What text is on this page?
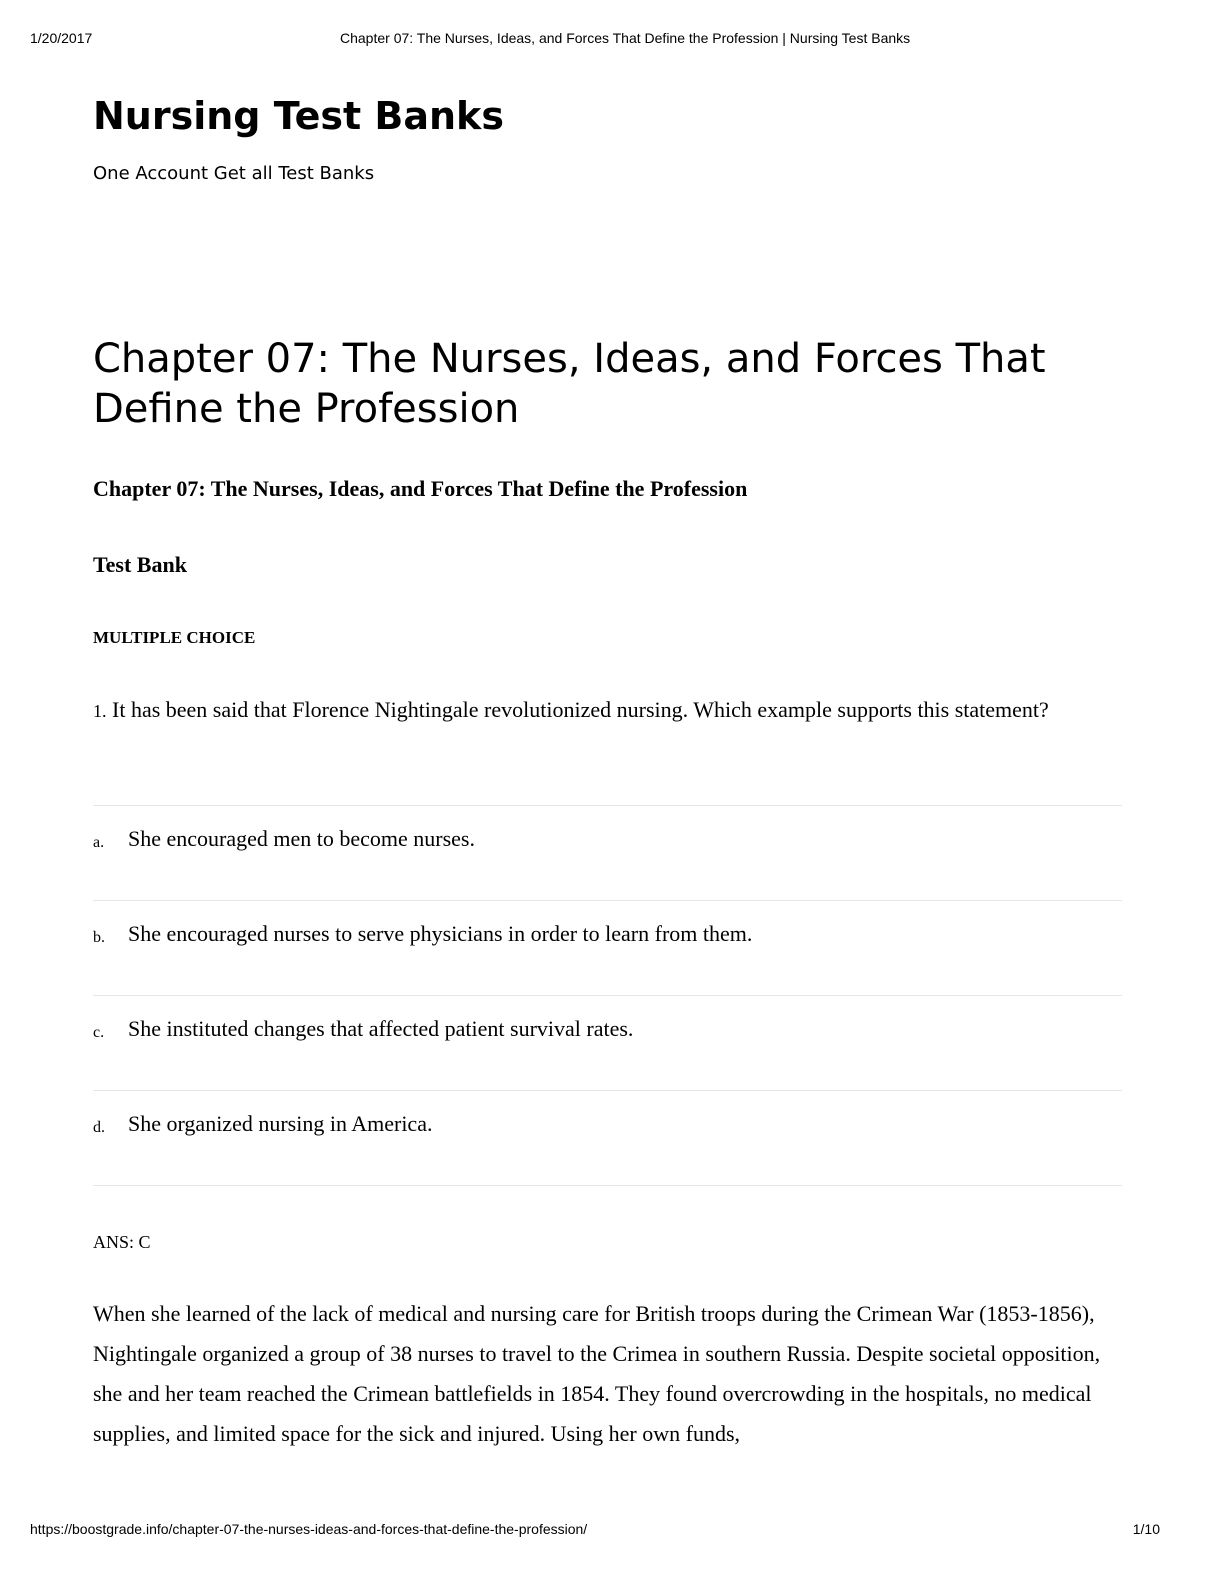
1/20/2017	Chapter 07: The Nurses, Ideas, and Forces That Define the Profession | Nursing Test Banks
Nursing Test Banks

One Account Get all Test Banks

Chapter 07: The Nurses, Ideas, and Forces That Define the Profession

Chapter 07: The Nurses, Ideas, and Forces That Define the Profession

Test Bank

MULTIPLE CHOICE

1. It has been said that Florence Nightingale revolutionized nursing. Which example supports this statement?

a. She encouraged men to become nurses.
b. She encouraged nurses to serve physicians in order to learn from them.
c. She instituted changes that affected patient survival rates.
d. She organized nursing in America.

ANS: C

When she learned of the lack of medical and nursing care for British troops during the Crimean War (1853-1856), Nightingale organized a group of 38 nurses to travel to the Crimea in southern Russia. Despite societal opposition, she and her team reached the Crimean battlefields in 1854. They found overcrowding in the hospitals, no medical supplies, and limited space for the sick and injured. Using her own funds,

https://boostgrade.info/chapter-07-the-nurses-ideas-and-forces-that-define-the-profession/	1/10
